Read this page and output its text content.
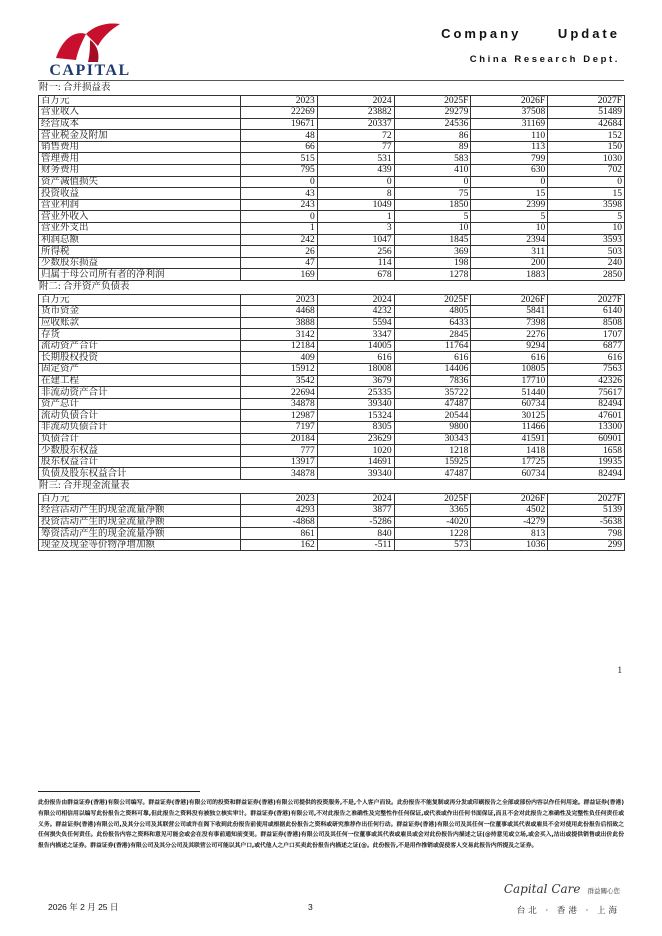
CAPITAL
Company Update
China Research Dept.
附一: 合并损益表
百万元	2023	2024	2025F	2026F	2027F
营业收入	22269	23882	29279	37508	51489
经营成本	19671	20337	24536	31169	42684
营业税金及附加	48	72	86	110	152
销售费用	66	77	89	113	150
管理费用	515	531	583	799	1030
财务费用	795	439	410	630	702
资产减值损失	0	0	0	0	0
投资收益	43	8	75	15	15
营业利润	243	1049	1850	2399	3598
营业外收入	0	1	5	5	5
营业外支出	1	3	10	10	10
利润总额	242	1047	1845	2394	3593
所得税	26	256	369	311	503
少数股东损益	47	114	198	200	240
归属于母公司所有者的净利润	169	678	1278	1883	2850
附二: 合并资产负债表
百万元	2023	2024	2025F	2026F	2027F
货币资金	4468	4232	4805	5841	6140
应收账款	3888	5594	6433	7398	8508
存货	3142	3347	2845	2276	1707
流动资产合计	12184	14005	11764	9294	6877
长期股权投资	409	616	616	616	616
固定资产	15912	18008	14406	10805	7563
在建工程	3542	3679	7836	17710	42326
非流动资产合计	22694	25335	35722	51440	75617
资产总计	34878	39340	47487	60734	82494
流动负债合计	12987	15324	20544	30125	47601
非流动负债合计	7197	8305	9800	11466	13300
负债合计	20184	23629	30343	41591	60901
少数股东权益	777	1020	1218	1418	1658
股东权益合计	13917	14691	15925	17725	19935
负债及股东权益合计	34878	39340	47487	60734	82494
附三: 合并现金流量表
百万元	2023	2024	2025F	2026F	2027F
经营活动产生的现金流量净额	4293	3877	3365	4502	5139
投资活动产生的现金流量净额	-4868	-5286	-4020	-4279	-5638
筹资活动产生的现金流量净额	861	840	1228	813	798
现金及现金等价物净增加额	162	-511	573	1036	299
1
此份报告由群益证券(香港)有限公司编写。群益证券(香港)有限公司的投资和群益证券(香港)有限公司提供的投资服务,不是,个人客户而设。此份报告不能复制或再分发或印刷报告之全部或部份内容以作任何用途。群益证券(香港)有限公司相信用以编写此份报告之资料可靠,但此报告之资料没有被独立核实审计。群益证券(香港)有限公司,不对此报告之准确性及完整性作任何保证,或代表或作出任何书面保证,而且不会对此报告之准确性及完整性负任何责任或义务。群益证券(香港)有限公司,及其分公司及其联营公司或许在阁下收到此份报告前使用或根据此份报告之资料或研究推荐作出任何行动。群益证券(香港)有限公司及其任何一位董事或其代表或雇员不会对使用此份报告后招致之任何损失负任何责任。此份报告内容之资料和意见可能会或会在没有事前通知前变更。群益证券(香港)有限公司及其任何一位董事或其代表或雇员或会对此份报告内描述之证(@持意见或立场,或会买入,沽出或提供销售或出价此份报告内描述之证券。群益证券(香港)有限公司及其分公司及其联营公司可能以其户口,或代他人之户口买卖此份报告内描述之证(@。此份报告,不是用作推销或促使客人交易此报告内所提及之证券。
2026 年 2 月 25 日	3
Capital Care 群益關心您
台北 · 香港 · 上海
